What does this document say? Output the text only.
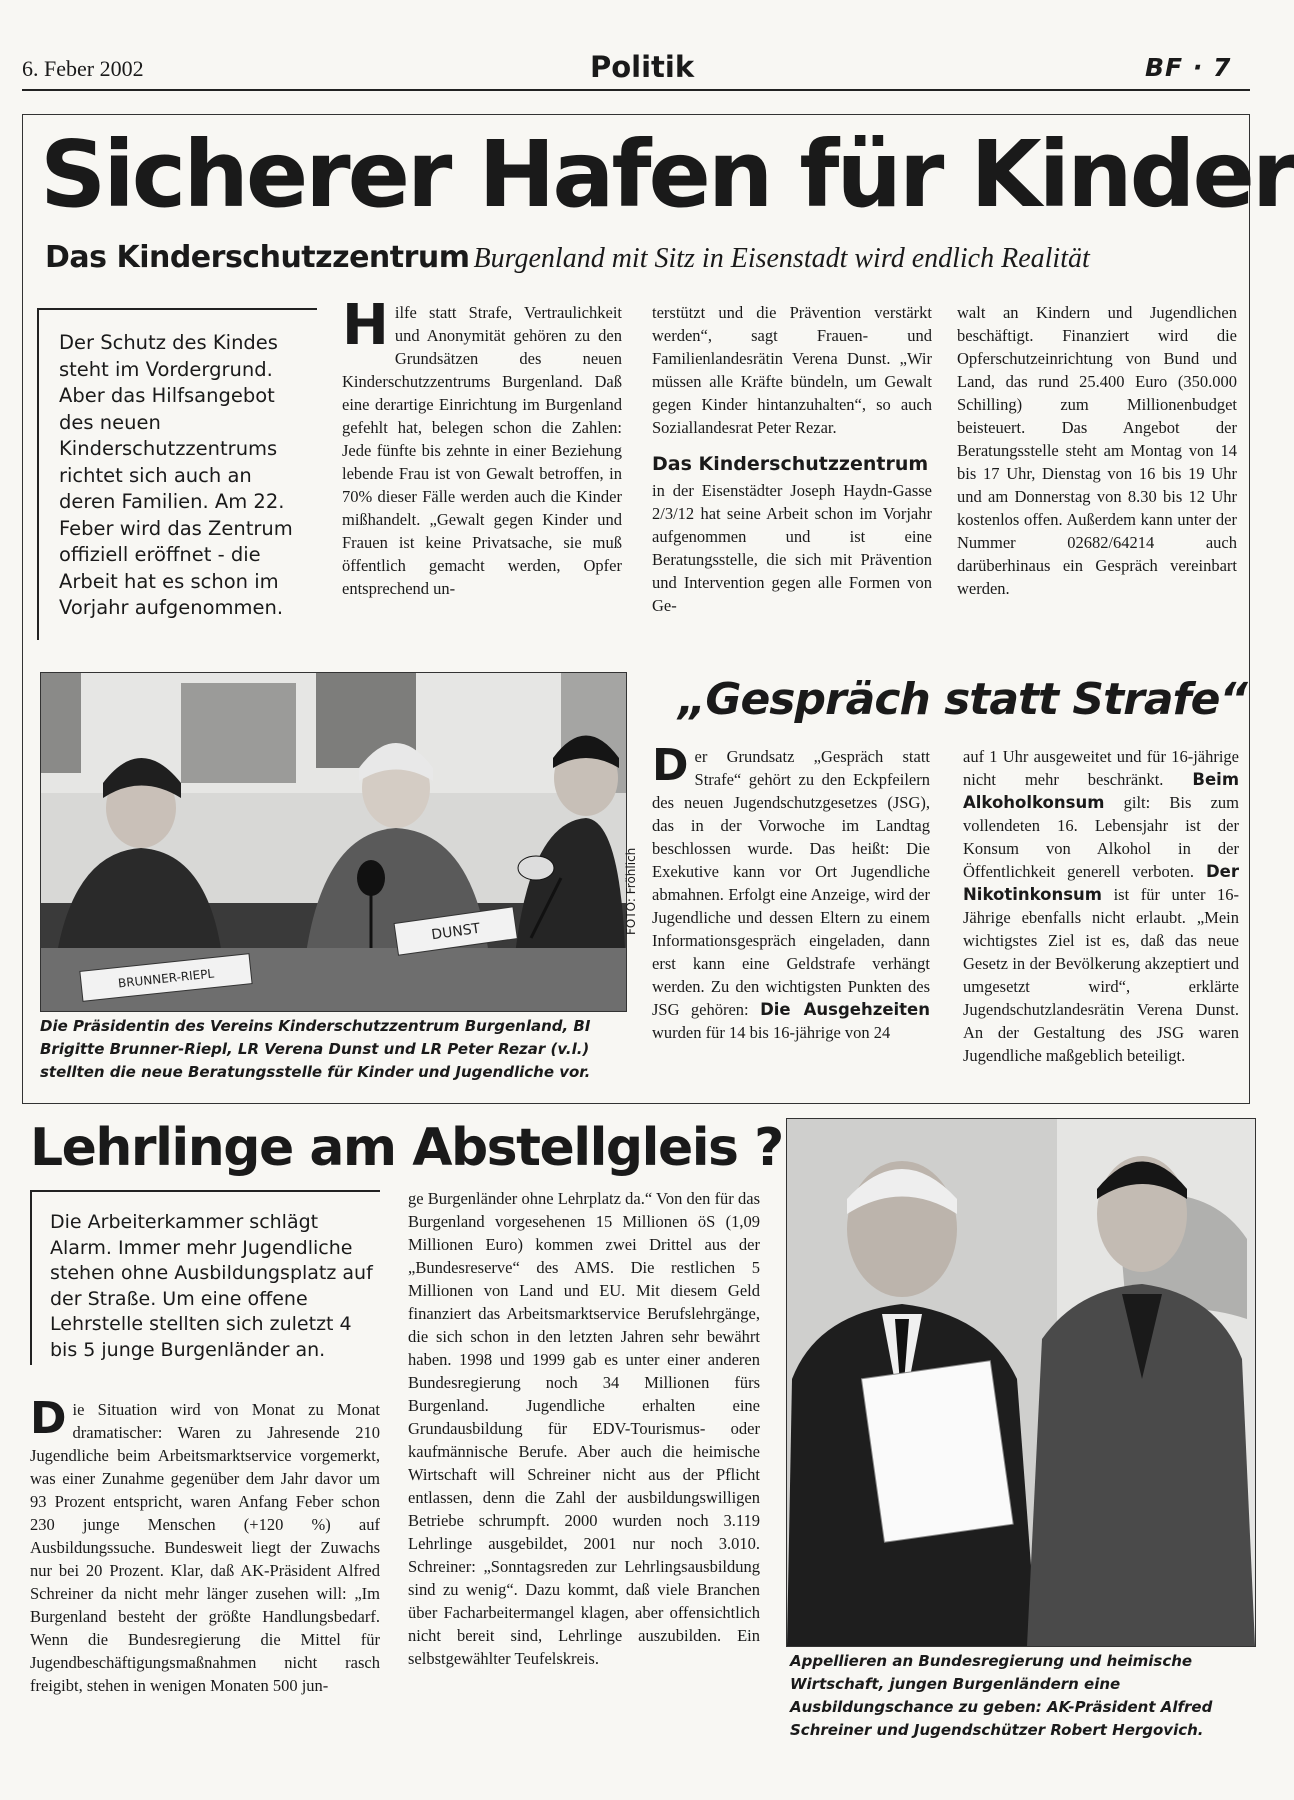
6. Feber 2002	Politik	BF · 7
Sicherer Hafen für Kinder
Das Kinderschutzzentrum Burgenland mit Sitz in Eisenstadt wird endlich Realität
Der Schutz des Kindes steht im Vordergrund. Aber das Hilfsangebot des neuen Kinderschutzzentrums richtet sich auch an deren Familien. Am 22. Feber wird das Zentrum offiziell eröffnet - die Arbeit hat es schon im Vorjahr aufgenommen.
H ilfe statt Strafe, Vertraulichkeit und Anonymität gehören zu den Grundsätzen des neuen Kinderschutzzentrums Burgenland. Daß eine derartige Einrichtung im Burgenland gefehlt hat, belegen schon die Zahlen: Jede fünfte bis zehnte in einer Beziehung lebende Frau ist von Gewalt betroffen, in 70% dieser Fälle werden auch die Kinder mißhandelt. „Gewalt gegen Kinder und Frauen ist keine Privatsache, sie muß öffentlich gemacht werden, Opfer entsprechend un-

terstützt und die Prävention verstärkt werden“, sagt Frauen- und Familienlandesrätin Verena Dunst. „Wir müssen alle Kräfte bündeln, um Gewalt gegen Kinder hintanzuhalten“, so auch Soziallandesrat Peter Rezar.

Das Kinderschutzzentrum

in der Eisenstädter Joseph Haydn-Gasse 2/3/12 hat seine Arbeit schon im Vorjahr aufgenommen und ist eine Beratungsstelle, die sich mit Prävention und Intervention gegen alle Formen von Ge-

walt an Kindern und Jugendlichen beschäftigt. Finanziert wird die Opferschutzeinrichtung von Bund und Land, das rund 25.400 Euro (350.000 Schilling) zum Millionenbudget beisteuert. Das Angebot der Beratungsstelle steht am Montag von 14 bis 17 Uhr, Dienstag von 16 bis 19 Uhr und am Donnerstag von 8.30 bis 12 Uhr kostenlos offen. Außerdem kann unter der Nummer 02682/64214 auch darüberhinaus ein Gespräch vereinbart werden.

BRUNNER-RIEPL
DUNST	FOTO: Fröhlich
Die Präsidentin des Vereins Kinderschutzzentrum Burgenland, BI Brigitte Brunner-Riepl, LR Verena Dunst und LR Peter Rezar (v.l.) stellten die neue Beratungsstelle für Kinder und Jugendliche vor.
„Gespräch statt Strafe“
D er Grundsatz „Gespräch statt Strafe“ gehört zu den Eckpfeilern des neuen Jugendschutzgesetzes (JSG), das in der Vorwoche im Landtag beschlossen wurde. Das heißt: Die Exekutive kann vor Ort Jugendliche abmahnen. Erfolgt eine Anzeige, wird der Jugendliche und dessen Eltern zu einem Informationsgespräch eingeladen, dann erst kann eine Geldstrafe verhängt werden. Zu den wichtigsten Punkten des JSG gehören: Die Ausgehzeiten wurden für 14 bis 16-jährige von 24
auf 1 Uhr ausgeweitet und für 16-jährige nicht mehr beschränkt. Beim Alkoholkonsum gilt: Bis zum vollendeten 16. Lebensjahr ist der Konsum von Alkohol in der Öffentlichkeit generell verboten. Der Nikotinkonsum ist für unter 16-Jährige ebenfalls nicht erlaubt. „Mein wichtigstes Ziel ist es, daß das neue Gesetz in der Bevölkerung akzeptiert und umgesetzt wird“, erklärte Jugendschutzlandesrätin Verena Dunst. An der Gestaltung des JSG waren Jugendliche maßgeblich beteiligt.
Lehrlinge am Abstellgleis ?
Die Arbeiterkammer schlägt Alarm. Immer mehr Jugendliche stehen ohne Ausbildungsplatz auf der Straße. Um eine offene Lehrstelle stellten sich zuletzt 4 bis 5 junge Burgenländer an.
D ie Situation wird von Monat zu Monat dramatischer: Waren zu Jahresende 210 Jugendliche beim Arbeitsmarktservice vorgemerkt, was einer Zunahme gegenüber dem Jahr davor um 93 Prozent entspricht, waren Anfang Feber schon 230 junge Menschen (+120 %) auf Ausbildungssuche. Bundesweit liegt der Zuwachs nur bei 20 Prozent. Klar, daß AK-Präsident Alfred Schreiner da nicht mehr länger zusehen will: „Im Burgenland besteht der größte Handlungsbedarf. Wenn die Bundesregierung die Mittel für Jugendbeschäftigungsmaßnahmen nicht rasch freigibt, stehen in wenigen Monaten 500 jun-
ge Burgenländer ohne Lehrplatz da.“ Von den für das Burgenland vorgesehenen 15 Millionen öS (1,09 Millionen Euro) kommen zwei Drittel aus der „Bundesreserve“ des AMS. Die restlichen 5 Millionen von Land und EU. Mit diesem Geld finanziert das Arbeitsmarktservice Berufslehrgänge, die sich schon in den letzten Jahren sehr bewährt haben. 1998 und 1999 gab es unter einer anderen Bundesregierung noch 34 Millionen fürs Burgenland. Jugendliche erhalten eine Grundausbildung für EDV-Tourismus- oder kaufmännische Berufe. Aber auch die heimische Wirtschaft will Schreiner nicht aus der Pflicht entlassen, denn die Zahl der ausbildungswilligen Betriebe schrumpft. 2000 wurden noch 3.119 Lehrlinge ausgebildet, 2001 nur noch 3.010. Schreiner: „Sonntagsreden zur Lehrlingsausbildung sind zu wenig“. Dazu kommt, daß viele Branchen über Facharbeitermangel klagen, aber offensichtlich nicht bereit sind, Lehrlinge auszubilden. Ein selbstgewählter Teufelskreis.	Appellieren an Bundesregierung und heimische Wirtschaft, jungen Burgenländern eine Ausbildungschance zu geben: AK-Präsident Alfred Schreiner und Jugendschützer Robert Hergovich.
